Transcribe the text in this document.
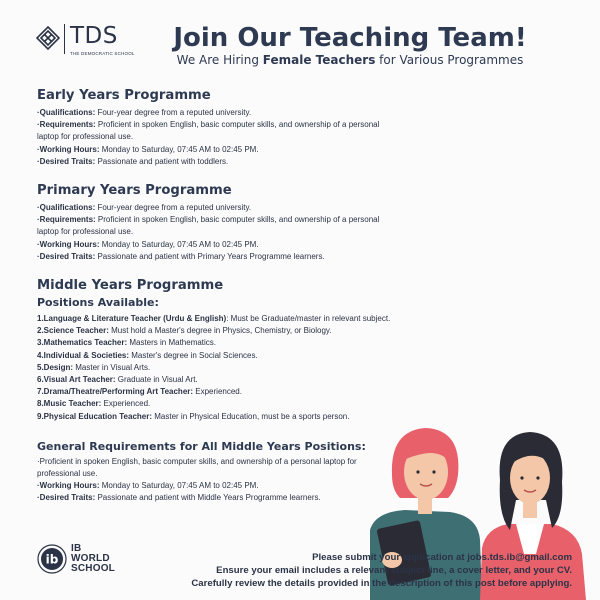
TDS
THE DEMOCRATIC SCHOOL
Join Our Teaching Team!
We Are Hiring Female Teachers for Various Programmes
Early Years Programme
·Qualifications: Four-year degree from a reputed university.
·Requirements: Proficient in spoken English, basic computer skills, and ownership of a personal
laptop for professional use.
·Working Hours: Monday to Saturday, 07:45 AM to 02:45 PM.
·Desired Traits: Passionate and patient with toddlers.
Primary Years Programme
·Qualifications: Four-year degree from a reputed university.
·Requirements: Proficient in spoken English, basic computer skills, and ownership of a personal
laptop for professional use.
·Working Hours: Monday to Saturday, 07:45 AM to 02:45 PM.
·Desired Traits: Passionate and patient with Primary Years Programme learners.
Middle Years Programme
Positions Available:
1.Language & Literature Teacher (Urdu & English): Must be Graduate/master in relevant subject.
2.Science Teacher: Must hold a Master's degree in Physics, Chemistry, or Biology.
3.Mathematics Teacher: Masters in Mathematics.
4.Individual & Societies: Master's degree in Social Sciences.
5.Design: Master in Visual Arts.
6.Visual Art Teacher: Graduate in Visual Art.
7.Drama/Theatre/Performing Art Teacher: Experienced.
8.Music Teacher: Experienced.
9.Physical Education Teacher: Master in Physical Education, must be a sports person.
General Requirements for All Middle Years Positions:
·Proficient in spoken English, basic computer skills, and ownership of a personal laptop for
professional use.
·Working Hours: Monday to Saturday, 07:45 AM to 02:45 PM.
·Desired Traits: Passionate and patient with Middle Years Programme learners.
ib
IB
WORLD
SCHOOL
Please submit your application at jobs.tds.ib@gmail.com
Ensure your email includes a relevant subject line, a cover letter, and your CV.
Carefully review the details provided in the description of this post before applying.
